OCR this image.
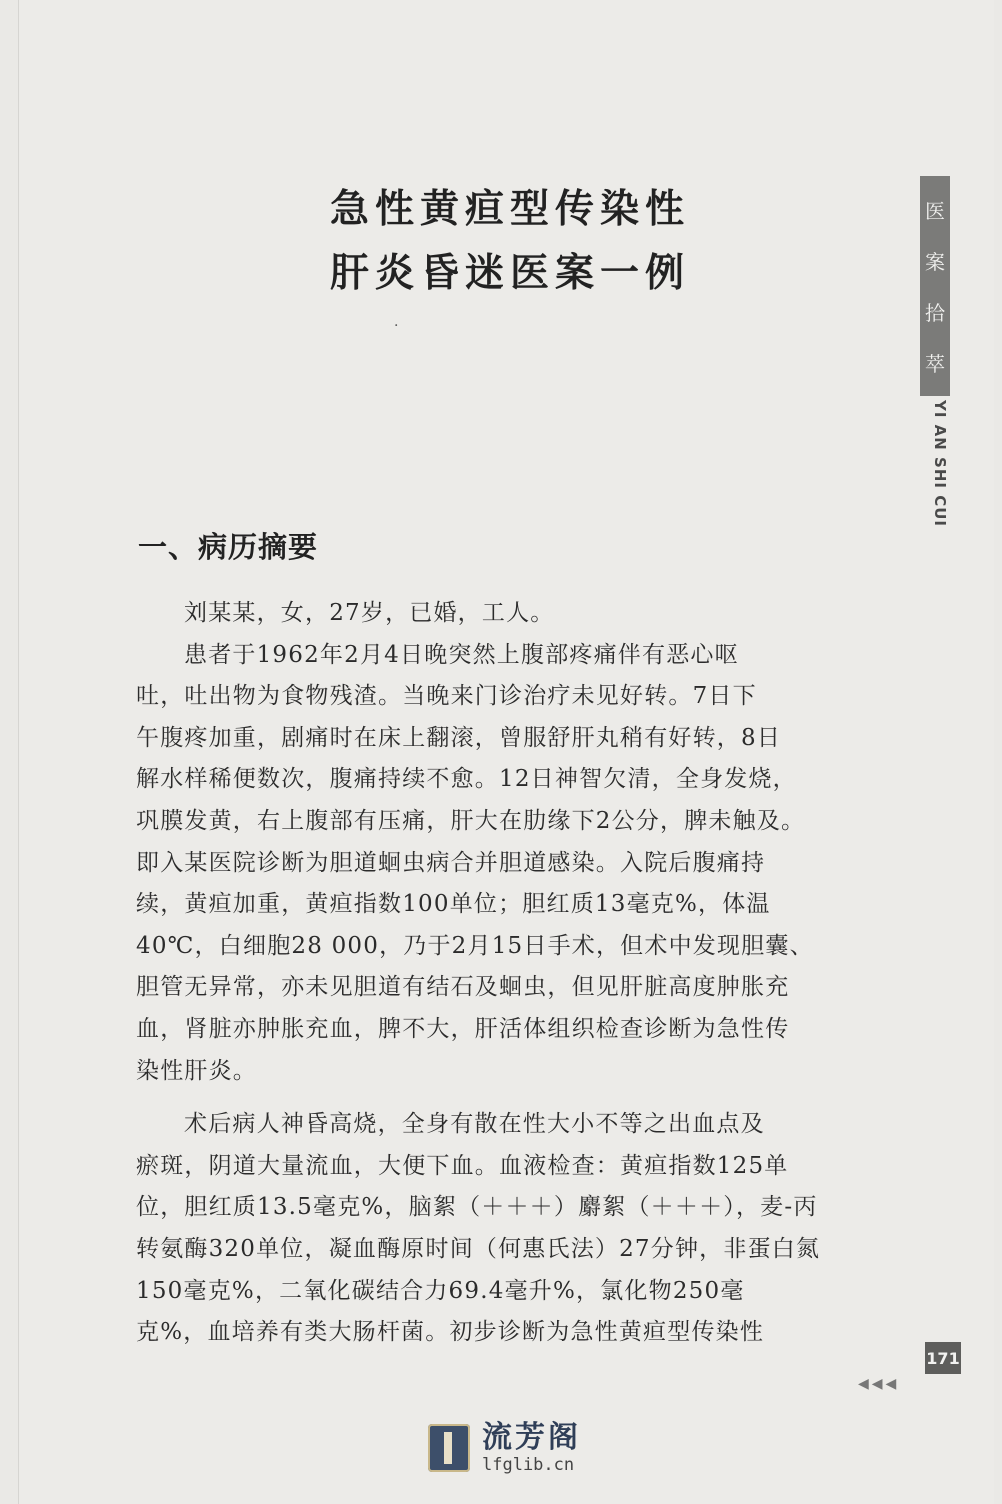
急性黄疸型传染性
肝炎昏迷医案一例
·
医
案
拾
萃
YI AN SHI CUI
一、病历摘要
刘某某，女，27岁，已婚，工人。
患者于1962年2月4日晚突然上腹部疼痛伴有恶心呕
吐，吐出物为食物残渣。当晚来门诊治疗未见好转。7日下
午腹疼加重，剧痛时在床上翻滚，曾服舒肝丸稍有好转，8日
解水样稀便数次，腹痛持续不愈。12日神智欠清，全身发烧，
巩膜发黄，右上腹部有压痛，肝大在肋缘下2公分，脾未触及。
即入某医院诊断为胆道蛔虫病合并胆道感染。入院后腹痛持
续，黄疸加重，黄疸指数100单位；胆红质13毫克%，体温
40℃，白细胞28 000，乃于2月15日手术，但术中发现胆囊、
胆管无异常，亦未见胆道有结石及蛔虫，但见肝脏高度肿胀充
血，肾脏亦肿胀充血，脾不大，肝活体组织检查诊断为急性传
染性肝炎。
术后病人神昏高烧，全身有散在性大小不等之出血点及
瘀斑，阴道大量流血，大便下血。血液检查：黄疸指数125单
位，胆红质13.5毫克%，脑絮（＋＋＋）麝絮（＋＋＋），麦-丙
转氨酶320单位，凝血酶原时间（何惠氏法）27分钟，非蛋白氮
150毫克%，二氧化碳结合力69.4毫升%，氯化物250毫
克%，血培养有类大肠杆菌。初步诊断为急性黄疸型传染性
171
◀◀◀
流芳阁
lfglib.cn
